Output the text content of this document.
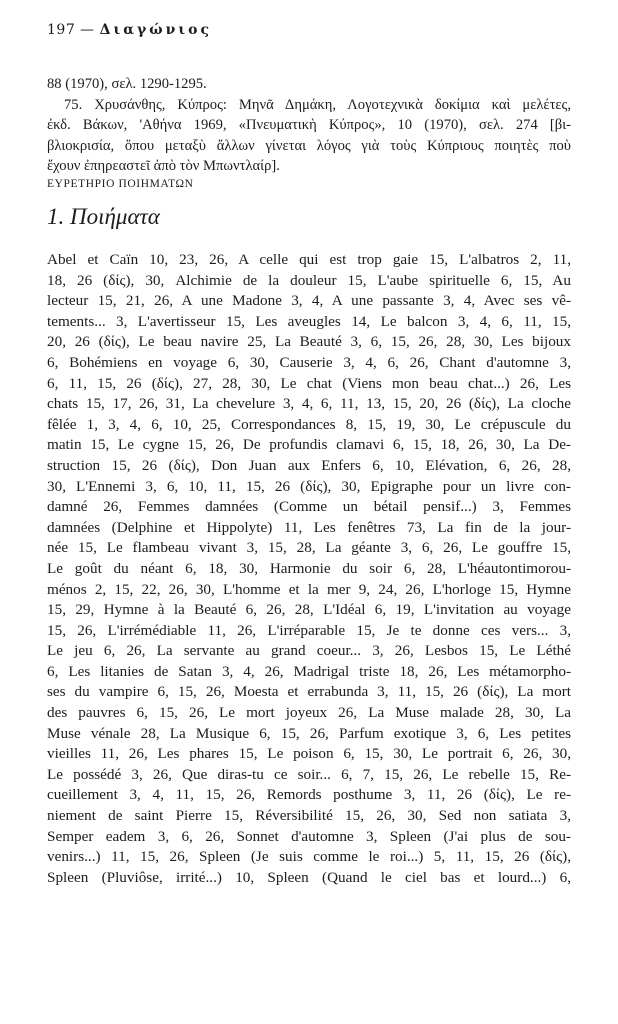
197 — Διαγώνιος
88 (1970), σελ. 1290-1295.
75. Χρυσάνθης, Κύπρος: Μηνᾶ Δημάκη, Λογοτεχνικὰ δοκίμια καὶ μελέτες,
ἐκδ. Βάκων, 'Αθήνα 1969, «Πνευματικὴ Κύπρος», 10 (1970), σελ. 274 [βι-
βλιοκρισία, ὅπου μεταξὺ ἄλλων γίνεται λόγος γιὰ τοὺς Κύπριους ποιητὲς ποὺ
ἔχουν ἐπηρεαστεῖ ἀπὸ τὸν Μπωντλαίρ].
ΕΥΡΕΤΗΡΙΟ ΠΟΙΗΜΑΤΩΝ
1. Ποιήματα
Abel et Caïn 10, 23, 26, A celle qui est trop gaie 15, L'albatros 2, 11,
18, 26 (δίς), 30, Alchimie de la douleur 15, L'aube spirituelle 6, 15, Au
lecteur 15, 21, 26, A une Madone 3, 4, A une passante 3, 4, Avec ses vê-
tements... 3, L'avertisseur 15, Les aveugles 14, Le balcon 3, 4, 6, 11, 15,
20, 26 (δίς), Le beau navire 25, La Beauté 3, 6, 15, 26, 28, 30, Les bijoux
6, Bohémiens en voyage 6, 30, Causerie 3, 4, 6, 26, Chant d'automne 3,
6, 11, 15, 26 (δίς), 27, 28, 30, Le chat (Viens mon beau chat...) 26, Les
chats 15, 17, 26, 31, La chevelure 3, 4, 6, 11, 13, 15, 20, 26 (δίς), La cloche
fêlée 1, 3, 4, 6, 10, 25, Correspondances 8, 15, 19, 30, Le crépuscule du
matin 15, Le cygne 15, 26, De profundis clamavi 6, 15, 18, 26, 30, La De-
struction 15, 26 (δίς), Don Juan aux Enfers 6, 10, Elévation, 6, 26, 28,
30, L'Ennemi 3, 6, 10, 11, 15, 26 (δίς), 30, Epigraphe pour un livre con-
damné 26, Femmes damnées (Comme un bétail pensif...) 3, Femmes
damnées (Delphine et Hippolyte) 11, Les fenêtres 73, La fin de la jour-
née 15, Le flambeau vivant 3, 15, 28, La géante 3, 6, 26, Le gouffre 15,
Le goût du néant 6, 18, 30, Harmonie du soir 6, 28, L'héautontimorou-
ménos 2, 15, 22, 26, 30, L'homme et la mer 9, 24, 26, L'horloge 15, Hymne
15, 29, Hymne à la Beauté 6, 26, 28, L'Idéal 6, 19, L'invitation au voyage
15, 26, L'irrémédiable 11, 26, L'irréparable 15, Je te donne ces vers... 3,
Le jeu 6, 26, La servante au grand coeur... 3, 26, Lesbos 15, Le Léthé
6, Les litanies de Satan 3, 4, 26, Madrigal triste 18, 26, Les métamorpho-
ses du vampire 6, 15, 26, Moesta et errabunda 3, 11, 15, 26 (δίς), La mort
des pauvres 6, 15, 26, Le mort joyeux 26, La Muse malade 28, 30, La
Muse vénale 28, La Musique 6, 15, 26, Parfum exotique 3, 6, Les petites
vieilles 11, 26, Les phares 15, Le poison 6, 15, 30, Le portrait 6, 26, 30,
Le possédé 3, 26, Que diras-tu ce soir... 6, 7, 15, 26, Le rebelle 15, Re-
cueillement 3, 4, 11, 15, 26, Remords posthume 3, 11, 26 (δίς), Le re-
niement de saint Pierre 15, Réversibilité 15, 26, 30, Sed non satiata 3,
Semper eadem 3, 6, 26, Sonnet d'automne 3, Spleen (J'ai plus de sou-
venirs...) 11, 15, 26, Spleen (Je suis comme le roi...) 5, 11, 15, 26 (δίς),
Spleen (Pluviôse, irrité...) 10, Spleen (Quand le ciel bas et lourd...) 6,
